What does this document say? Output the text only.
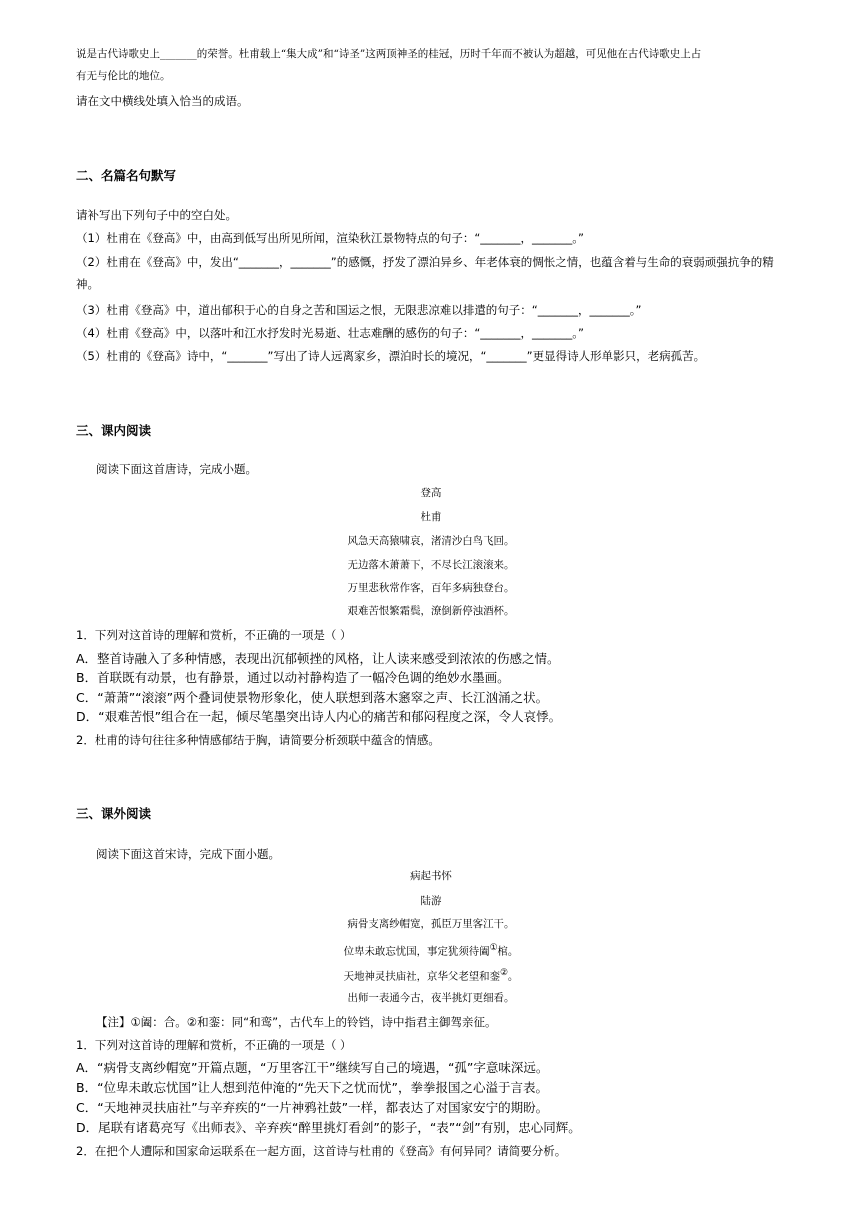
说是古代诗歌史上_______的荣誉。杜甫载上“集大成”和“诗圣”这两顶神圣的桂冠，历时千年而不被认为超越，可见他在古代诗歌史上占
有无与伦比的地位。
请在文中横线处填入恰当的成语。
二、名篇名句默写
请补写出下列句子中的空白处。
（1）杜甫在《登高》中，由高到低写出所见所闻，渲染秋江景物特点的句子：“_______，_______。”
（2）杜甫在《登高》中，发出“_______，_______”的感慨，抒发了漂泊异乡、年老体衰的惆怅之情，也蕴含着与生命的衰弱顽强抗争的精
神。
（3）杜甫《登高》中，道出郁积于心的自身之苦和国运之恨，无限悲凉难以排遣的句子：“_______，_______。”
（4）杜甫《登高》中，以落叶和江水抒发时光易逝、壮志难酬的感伤的句子：“_______，_______。”
（5）杜甫的《登高》诗中，“_______”写出了诗人远离家乡，漂泊时长的境况，“_______”更显得诗人形单影只，老病孤苦。
三、课内阅读
阅读下面这首唐诗，完成小题。
登高
杜甫
风急天高猿啸哀，渚清沙白鸟飞回。
无边落木萧萧下，不尽长江滚滚来。
万里悲秋常作客，百年多病独登台。
艰难苦恨繁霜鬓，潦倒新停浊酒杯。
1．下列对这首诗的理解和赏析，不正确的一项是（ ）
A．整首诗融入了多种情感，表现出沉郁顿挫的风格，让人读来感受到浓浓的伤感之情。
B．首联既有动景，也有静景，通过以动衬静构造了一幅冷色调的绝妙水墨画。
C．“萧萧”“滚滚”两个叠词使景物形象化，使人联想到落木窸窣之声、长江汹涌之状。
D．“艰难苦恨”组合在一起，倾尽笔墨突出诗人内心的痛苦和郁闷程度之深，令人哀悸。
2．杜甫的诗句往往多种情感郁结于胸，请简要分析颈联中蕴含的情感。
三、课外阅读
阅读下面这首宋诗，完成下面小题。
病起书怀
陆游
病骨支离纱帽宽，孤臣万里客江干。
位卑未敢忘忧国，事定犹须待阖①棺。
天地神灵扶庙社，京华父老望和銮②。
出师一表通今古，夜半挑灯更细看。
【注】①阖：合。②和銮：同“和鸾”，古代车上的铃铛，诗中指君主御驾亲征。
1．下列对这首诗的理解和赏析，不正确的一项是（ ）
A．“病骨支离纱帽宽”开篇点题，“万里客江干”继续写自己的境遇，“孤”字意味深远。
B．“位卑未敢忘忧国”让人想到范仲淹的“先天下之忧而忧”，拳拳报国之心溢于言表。
C．“天地神灵扶庙社”与辛弃疾的“一片神鸦社鼓”一样，都表达了对国家安宁的期盼。
D．尾联有诸葛亮写《出师表》、辛弃疾“醉里挑灯看剑”的影子，“表”“剑”有别，忠心同辉。
2．在把个人遭际和国家命运联系在一起方面，这首诗与杜甫的《登高》有何异同？请简要分析。
